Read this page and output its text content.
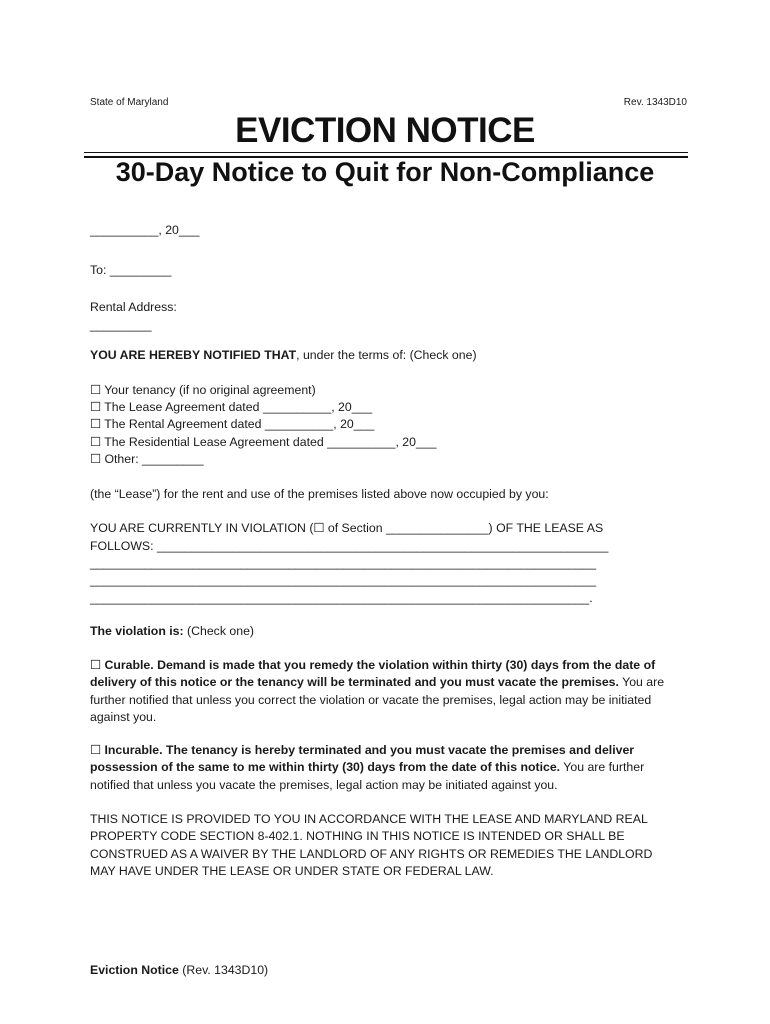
State of Maryland	Rev. 1343D10
EVICTION NOTICE
30-Day Notice to Quit for Non-Compliance
__________, 20___
To: _________
Rental Address:
_________
YOU ARE HEREBY NOTIFIED THAT, under the terms of: (Check one)
☐ Your tenancy (if no original agreement)
☐ The Lease Agreement dated __________, 20___
☐ The Rental Agreement dated __________, 20___
☐ The Residential Lease Agreement dated __________, 20___
☐ Other: _________
(the “Lease”) for the rent and use of the premises listed above now occupied by you:
YOU ARE CURRENTLY IN VIOLATION (☐ of Section _______________) OF THE LEASE AS
FOLLOWS: __________________________________________________________________
__________________________________________________________________________
__________________________________________________________________________
_________________________________________________________________________.
The violation is: (Check one)
☐ Curable. Demand is made that you remedy the violation within thirty (30) days from the date of delivery of this notice or the tenancy will be terminated and you must vacate the premises. You are further notified that unless you correct the violation or vacate the premises, legal action may be initiated against you.
☐ Incurable. The tenancy is hereby terminated and you must vacate the premises and deliver possession of the same to me within thirty (30) days from the date of this notice. You are further notified that unless you vacate the premises, legal action may be initiated against you.
THIS NOTICE IS PROVIDED TO YOU IN ACCORDANCE WITH THE LEASE AND MARYLAND REAL PROPERTY CODE SECTION 8-402.1. NOTHING IN THIS NOTICE IS INTENDED OR SHALL BE CONSTRUED AS A WAIVER BY THE LANDLORD OF ANY RIGHTS OR REMEDIES THE LANDLORD MAY HAVE UNDER THE LEASE OR UNDER STATE OR FEDERAL LAW.
Eviction Notice (Rev. 1343D10)
